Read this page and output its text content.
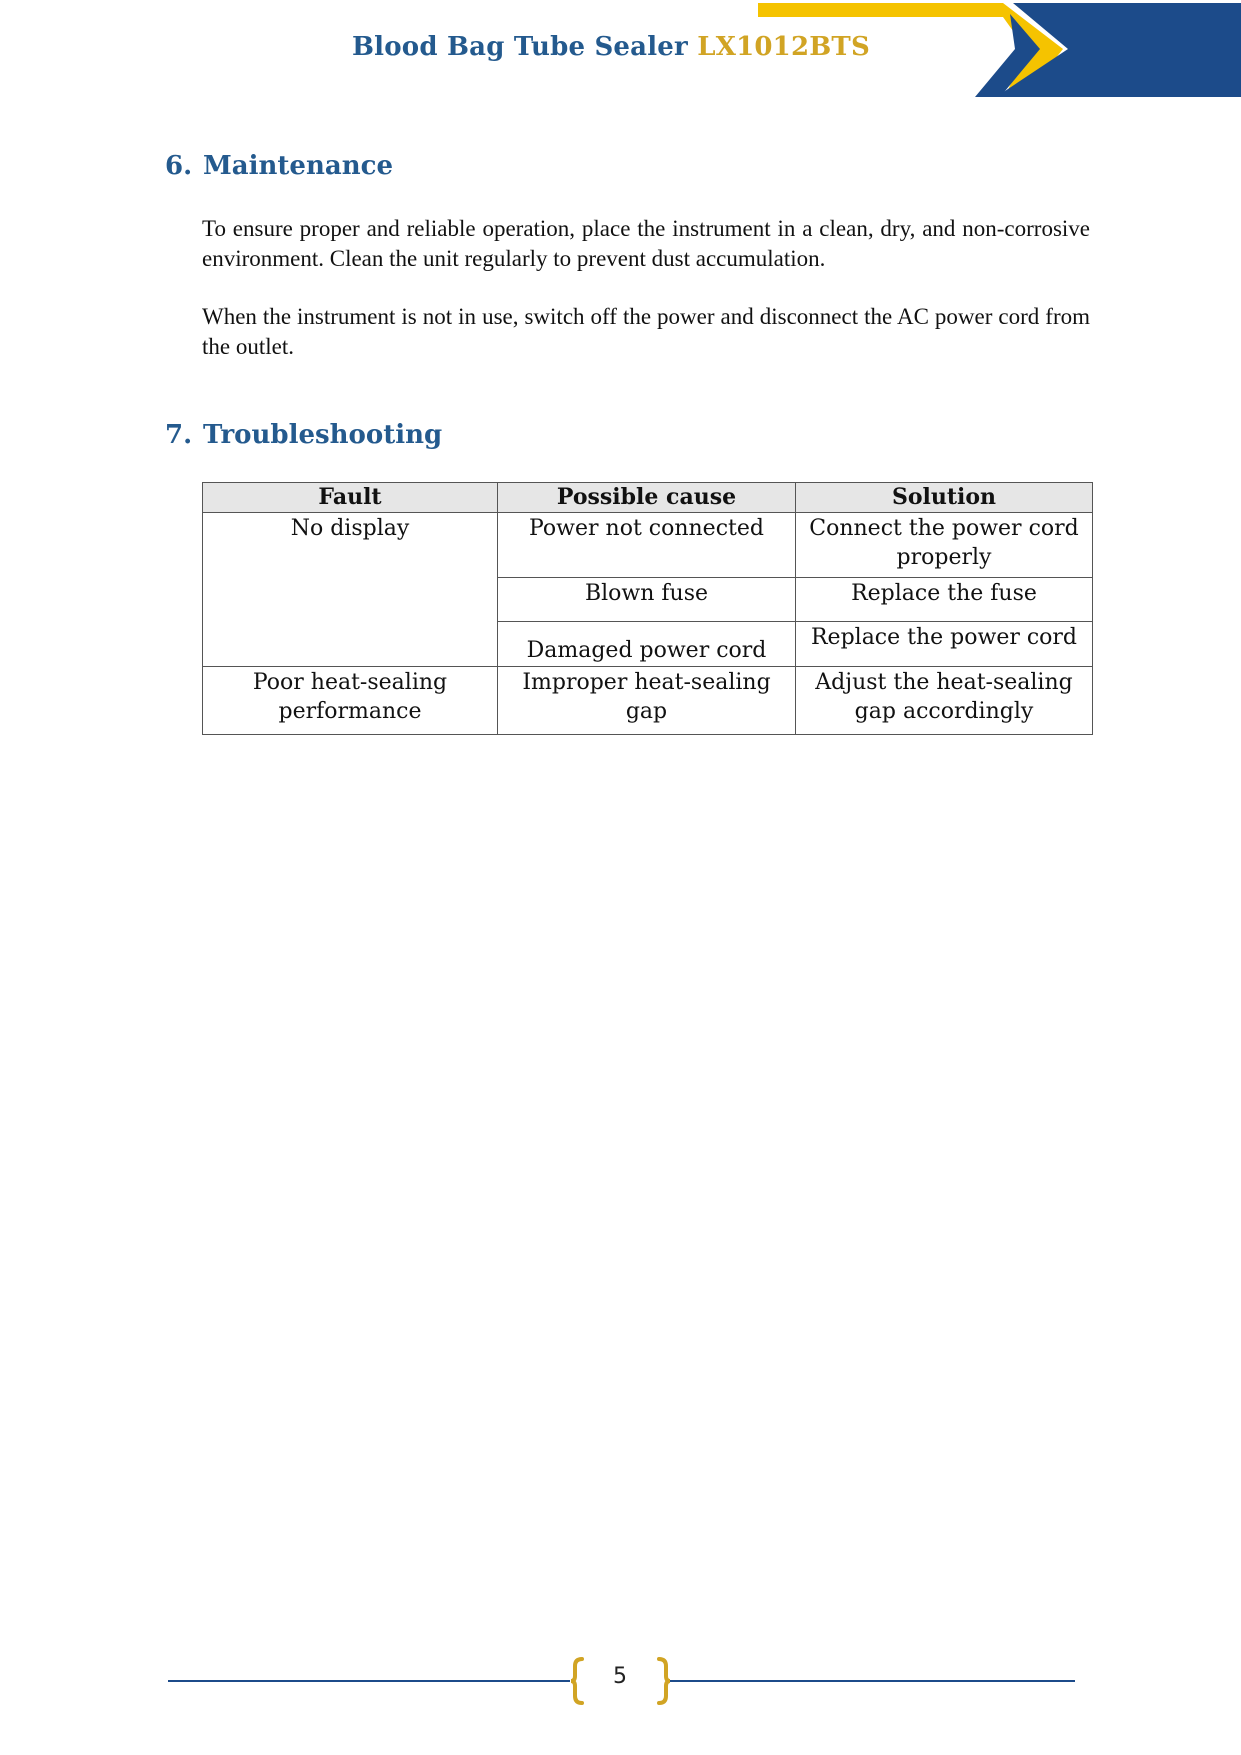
Blood Bag Tube Sealer LX1012BTS
6. Maintenance

To ensure proper and reliable operation, place the instrument in a clean, dry, and non-corrosive environment. Clean the unit regularly to prevent dust accumulation.

When the instrument is not in use, switch off the power and disconnect the AC power cord from the outlet.

7. Troubleshooting
Fault	Possible cause	Solution
No display	Power not connected	Connect the power cord properly
	Blown fuse	Replace the fuse
	Damaged power cord	Replace the power cord
Poor heat-sealing performance	Improper heat-sealing gap	Adjust the heat-sealing gap accordingly
5
